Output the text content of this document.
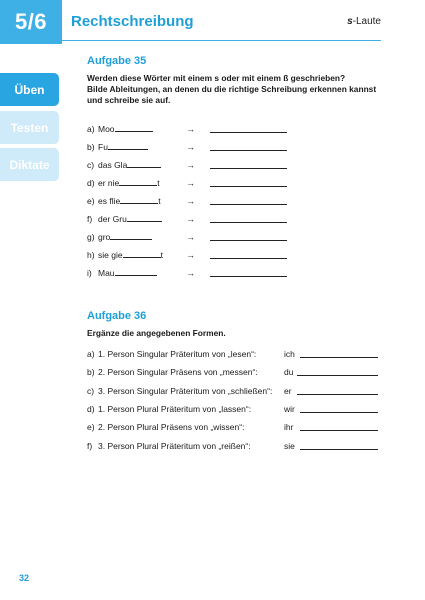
5/6	Rechtschreibung	s-Laute
Üben
Testen
Diktate
Aufgabe 35
Werden diese Wörter mit einem s oder mit einem ß geschrieben?
Bilde Ableitungen, an denen du die richtige Schreibung erkennen kannst
und schreibe sie auf.
a) Moo	→
b) Fu	→
c) das Gla	→
d) er nie	t	→
e) es flie	t	→
f) der Gru	→
g) gro	→
h) sie gie	t	→
i) Mau	→
Aufgabe 36
Ergänze die angegebenen Formen.
a) 1. Person Singular Präteritum von „lesen“:	ich
b) 2. Person Singular Präsens von „messen“:	du
c) 3. Person Singular Präteritum von „schließen“: er
d) 1. Person Plural Präteritum von „lassen“:	wir
e) 2. Person Plural Präsens von „wissen“:	ihr
f) 3. Person Plural Präteritum von „reißen“:	sie
32
